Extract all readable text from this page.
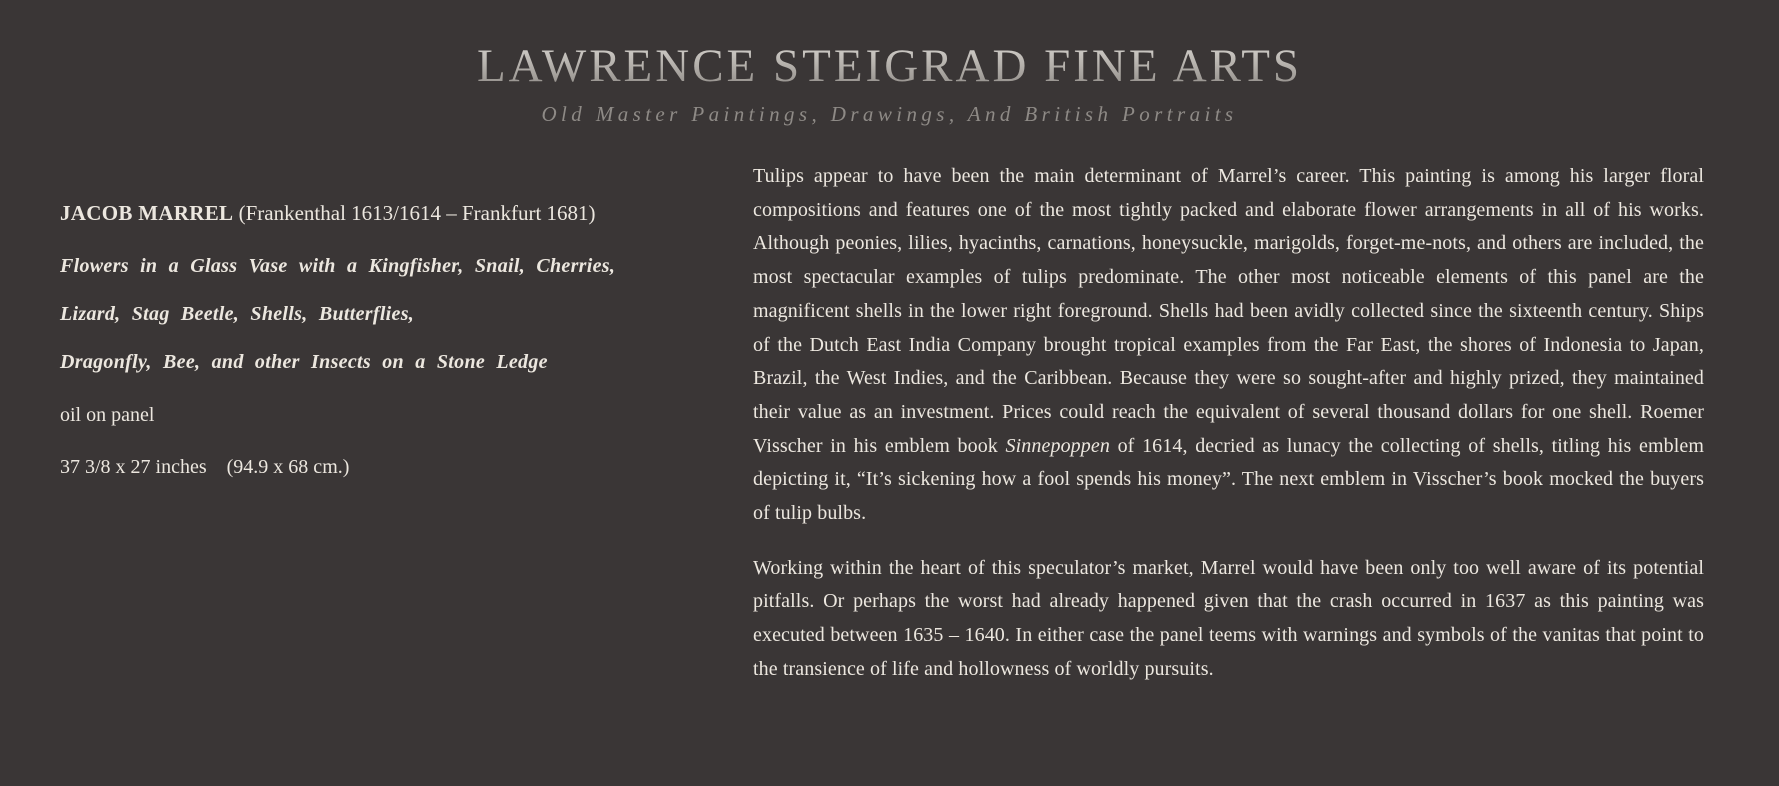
LAWRENCE STEIGRAD FINE ARTS
Old Master Paintings, Drawings, And British Portraits
JACOB MARREL (Frankenthal 1613/1614 – Frankfurt 1681)
Flowers in a Glass Vase with a Kingfisher, Snail, Cherries,
Lizard, Stag Beetle, Shells, Butterflies,
Dragonfly, Bee, and other Insects on a Stone Ledge
oil on panel
37 3/8 x 27 inches    (94.9 x 68 cm.)

Tulips appear to have been the main determinant of Marrel’s career. This painting is among his larger floral compositions and features one of the most tightly packed and elaborate flower arrangements in all of his works. Although peonies, lilies, hyacinths, carnations, honeysuckle, marigolds, forget-me-nots, and others are included, the most spectacular examples of tulips predominate. The other most noticeable elements of this panel are the magnificent shells in the lower right foreground. Shells had been avidly collected since the sixteenth century. Ships of the Dutch East India Company brought tropical examples from the Far East, the shores of Indonesia to Japan, Brazil, the West Indies, and the Caribbean. Because they were so sought-after and highly prized, they maintained their value as an investment. Prices could reach the equivalent of several thousand dollars for one shell. Roemer Visscher in his emblem book Sinnepoppen of 1614, decried as lunacy the collecting of shells, titling his emblem depicting it, “It’s sickening how a fool spends his money”. The next emblem in Visscher’s book mocked the buyers of tulip bulbs.

Working within the heart of this speculator’s market, Marrel would have been only too well aware of its potential pitfalls. Or perhaps the worst had already happened given that the crash occurred in 1637 as this painting was executed between 1635 – 1640. In either case the panel teems with warnings and symbols of the vanitas that point to the transience of life and hollowness of worldly pursuits.
